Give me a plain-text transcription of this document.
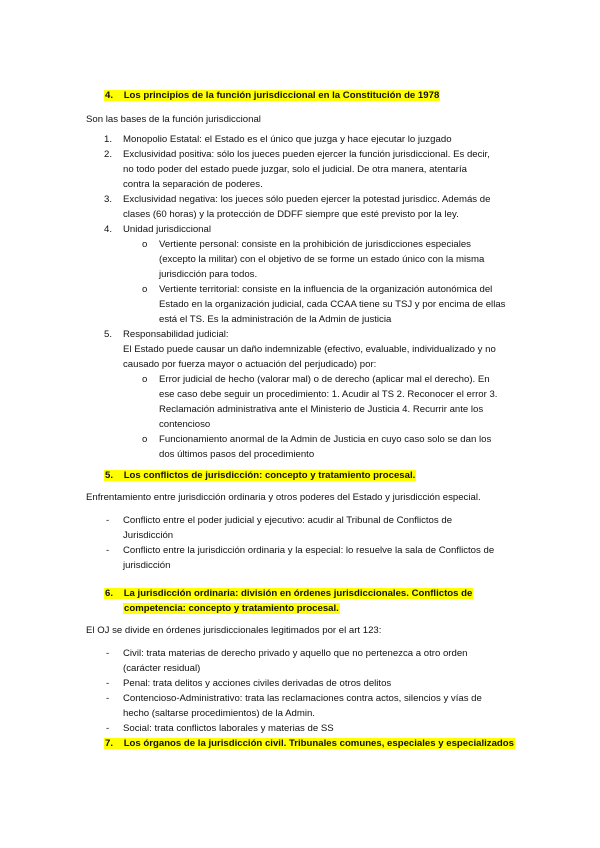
4. Los principios de la función jurisdiccional en la Constitución de 1978
Son las bases de la función jurisdiccional
1. Monopolio Estatal: el Estado es el único que juzga y hace ejecutar lo juzgado
2. Exclusividad positiva: sólo los jueces pueden ejercer la función jurisdiccional. Es decir,
no todo poder del estado puede juzgar, solo el judicial. De otra manera, atentaría
contra la separación de poderes.
3. Exclusividad negativa: los jueces sólo pueden ejercer la potestad jurisdicc. Además de
clases (60 horas) y la protección de DDFF siempre que esté previsto por la ley.
4. Unidad jurisdiccional
o Vertiente personal: consiste en la prohibición de jurisdicciones especiales
(excepto la militar) con el objetivo de se forme un estado único con la misma
jurisdicción para todos.
o Vertiente territorial: consiste en la influencia de la organización autonómica del
Estado en la organización judicial, cada CCAA tiene su TSJ y por encima de ellas
está el TS. Es la administración de la Admin de justicia
5. Responsabilidad judicial:
El Estado puede causar un daño indemnizable (efectivo, evaluable, individualizado y no
causado por fuerza mayor o actuación del perjudicado) por:
o Error judicial de hecho (valorar mal) o de derecho (aplicar mal el derecho). En
ese caso debe seguir un procedimiento: 1. Acudir al TS 2. Reconocer el error 3.
Reclamación administrativa ante el Ministerio de Justicia 4. Recurrir ante los
contencioso
o Funcionamiento anormal de la Admin de Justicia en cuyo caso solo se dan los
dos últimos pasos del procedimiento
5. Los conflictos de jurisdicción: concepto y tratamiento procesal.
Enfrentamiento entre jurisdicción ordinaria y otros poderes del Estado y jurisdicción especial.
- Conflicto entre el poder judicial y ejecutivo: acudir al Tribunal de Conflictos de
Jurisdicción
- Conflicto entre la jurisdicción ordinaria y la especial: lo resuelve la sala de Conflictos de
jurisdicción
6. La jurisdicción ordinaria: división en órdenes jurisdiccionales. Conflictos de
competencia: concepto y tratamiento procesal.
El OJ se divide en órdenes jurisdiccionales legitimados por el art 123:
- Civil: trata materias de derecho privado y aquello que no pertenezca a otro orden
(carácter residual)
- Penal: trata delitos y acciones civiles derivadas de otros delitos
- Contencioso-Administrativo: trata las reclamaciones contra actos, silencios y vías de
hecho (saltarse procedimientos) de la Admin.
- Social: trata conflictos laborales y materias de SS
7. Los órganos de la jurisdicción civil. Tribunales comunes, especiales y especializados
